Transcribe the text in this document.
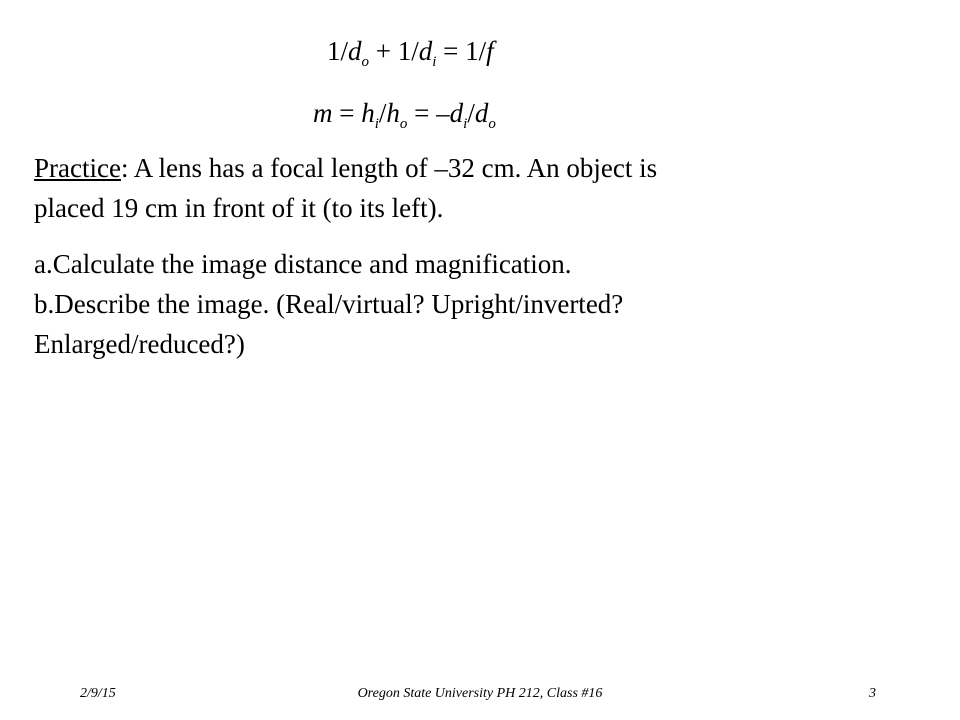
$1/d_o + 1/d_i = 1/f$
$m = h_i/h_o = -d_i/d_o$
Practice: A lens has a focal length of –32 cm. An object is
placed 19 cm in front of it (to its left).
a.Calculate the image distance and magnification.
b.Describe the image. (Real/virtual? Upright/inverted?
Enlarged/reduced?)
2/9/15	Oregon State University PH 212, Class #16	3
